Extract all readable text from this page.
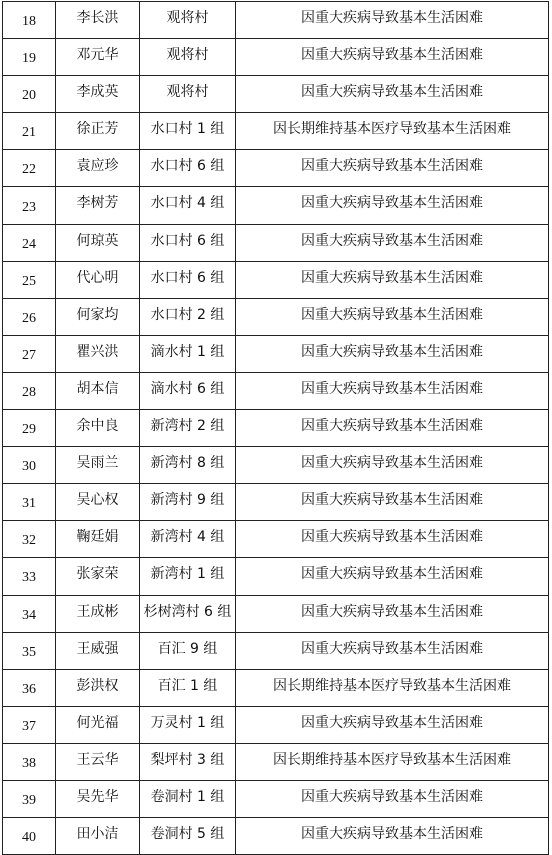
18	李长洪	观将村	因重大疾病导致基本生活困难
19	邓元华	观将村	因重大疾病导致基本生活困难
20	李成英	观将村	因重大疾病导致基本生活困难
21	徐正芳	水口村 1 组	因长期维持基本医疗导致基本生活困难
22	袁应珍	水口村 6 组	因重大疾病导致基本生活困难
23	李树芳	水口村 4 组	因重大疾病导致基本生活困难
24	何琼英	水口村 6 组	因重大疾病导致基本生活困难
25	代心明	水口村 6 组	因重大疾病导致基本生活困难
26	何家均	水口村 2 组	因重大疾病导致基本生活困难
27	瞿兴洪	滴水村 1 组	因重大疾病导致基本生活困难
28	胡本信	滴水村 6 组	因重大疾病导致基本生活困难
29	余中良	新湾村 2 组	因重大疾病导致基本生活困难
30	吴雨兰	新湾村 8 组	因重大疾病导致基本生活困难
31	吴心权	新湾村 9 组	因重大疾病导致基本生活困难
32	鞠廷娟	新湾村 4 组	因重大疾病导致基本生活困难
33	张家荣	新湾村 1 组	因重大疾病导致基本生活困难
34	王成彬	杉树湾村 6 组	因重大疾病导致基本生活困难
35	王威强	百汇 9 组	因重大疾病导致基本生活困难
36	彭洪权	百汇 1 组	因长期维持基本医疗导致基本生活困难
37	何光福	万灵村 1 组	因重大疾病导致基本生活困难
38	王云华	梨坪村 3 组	因长期维持基本医疗导致基本生活困难
39	吴先华	卷洞村 1 组	因重大疾病导致基本生活困难
40	田小洁	卷洞村 5 组	因重大疾病导致基本生活困难
